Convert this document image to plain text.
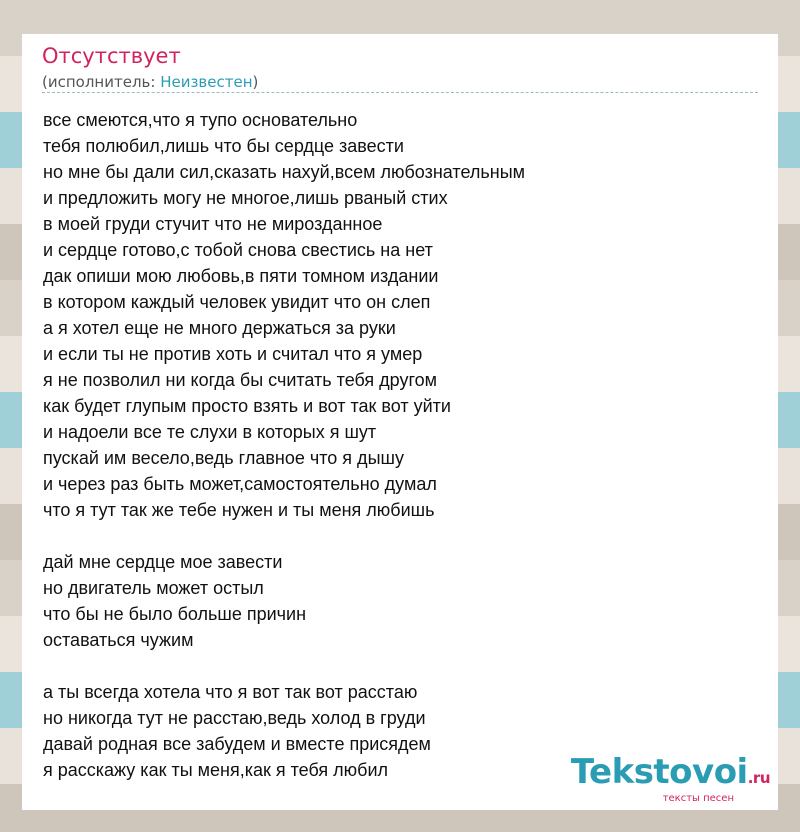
Отсутствует
(исполнитель: Неизвестен)
все смеются,что я тупо основательно
тебя полюбил,лишь что бы сердце завести
но мне бы дали сил,сказать нахуй,всем любознательным
и предложить могу не многое,лишь рваный стих
в моей груди стучит что не мирозданное
и сердце готово,с тобой снова свестись на нет
дак опиши мою любовь,в пяти томном издании
в котором каждый человек увидит что он слеп
а я хотел еще не много держаться за руки
и если ты не против хоть и считал что я умер
я не позволил ни когда бы считать тебя другом
как будет глупым просто взять и вот так вот уйти
и надоели все те слухи в которых я шут
пускай им весело,ведь главное что я дышу
и через раз быть может,самостоятельно думал
что я тут так же тебе нужен и ты меня любишь
дай мне сердце мое завести
но двигатель может остыл
что бы не было больше причин
оставаться чужим
а ты всегда хотела что я вот так вот расстаю
но никогда тут не расстаю,ведь холод в груди
давай родная все забудем и вместе присядем
я расскажу как ты меня,как я тебя любил	Tekstovoi.ru
тексты песен
